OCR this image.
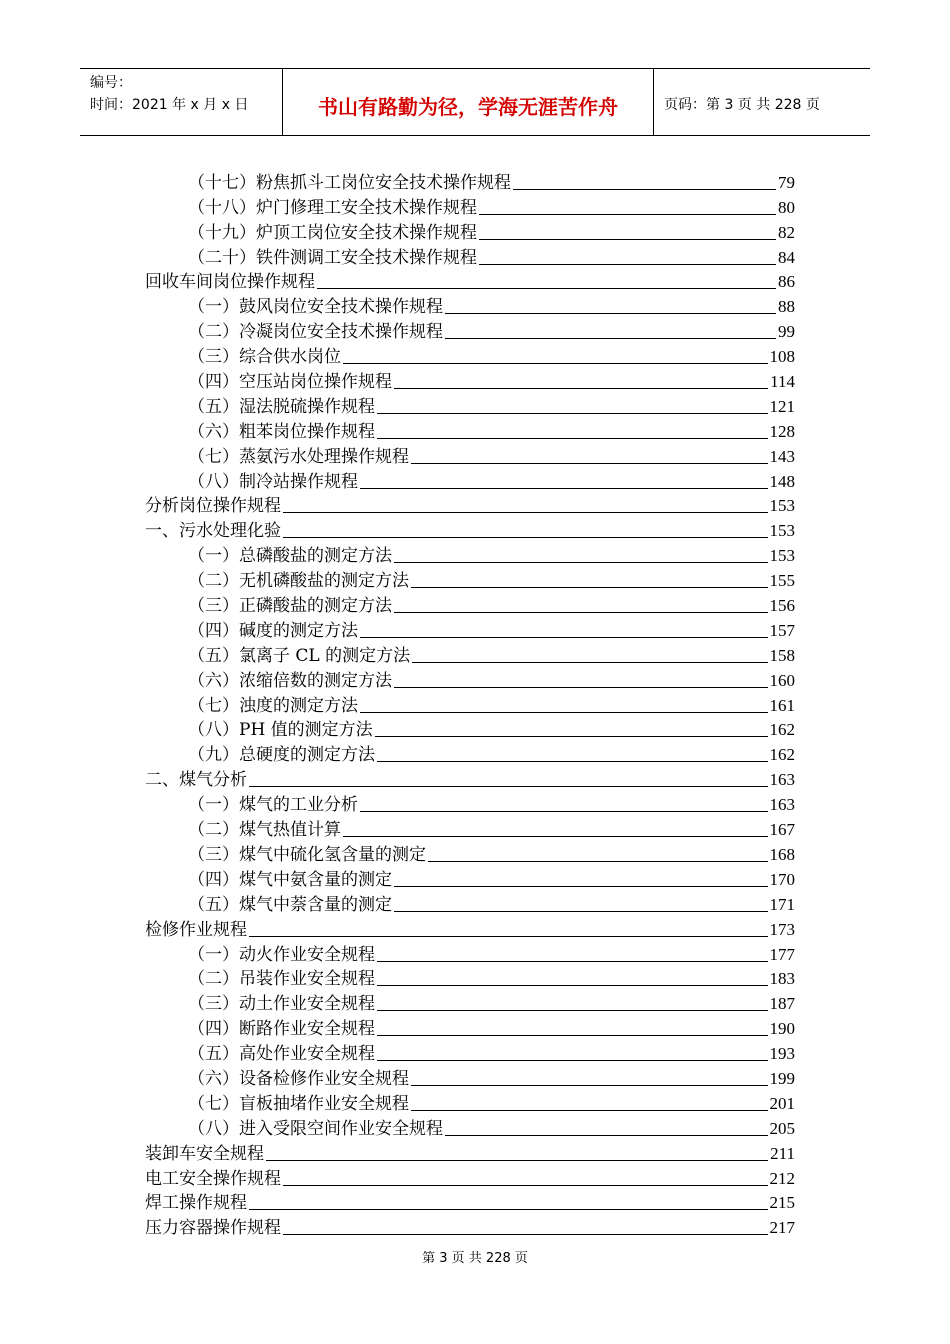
编号：
时间：2021 年 x 月 x 日	书山有路勤为径，学海无涯苦作舟	页码：第 3 页 共 228 页
（十七）粉焦抓斗工岗位安全技术操作规程	79
（十八）炉门修理工安全技术操作规程	80
（十九）炉顶工岗位安全技术操作规程	82
（二十）铁件测调工安全技术操作规程	84
回收车间岗位操作规程	86
（一）鼓风岗位安全技术操作规程	88
（二）冷凝岗位安全技术操作规程	99
（三）综合供水岗位	108
（四）空压站岗位操作规程	114
（五）湿法脱硫操作规程	121
（六）粗苯岗位操作规程	128
（七）蒸氨污水处理操作规程	143
（八）制冷站操作规程	148
分析岗位操作规程	153
一、污水处理化验	153
（一）总磷酸盐的测定方法	153
（二）无机磷酸盐的测定方法	155
（三）正磷酸盐的测定方法	156
（四）碱度的测定方法	157
（五）氯离子 CL 的测定方法	158
（六）浓缩倍数的测定方法	160
（七）浊度的测定方法	161
（八）PH 值的测定方法	162
（九）总硬度的测定方法	162
二、煤气分析	163
（一）煤气的工业分析	163
（二）煤气热值计算	167
（三）煤气中硫化氢含量的测定	168
（四）煤气中氨含量的测定	170
（五）煤气中萘含量的测定	171
检修作业规程	173
（一）动火作业安全规程	177
（二）吊装作业安全规程	183
（三）动土作业安全规程	187
（四）断路作业安全规程	190
（五）高处作业安全规程	193
（六）设备检修作业安全规程	199
（七）盲板抽堵作业安全规程	201
（八）进入受限空间作业安全规程	205
装卸车安全规程	211
电工安全操作规程	212
焊工操作规程	215
压力容器操作规程	217
第 3 页 共 228 页
